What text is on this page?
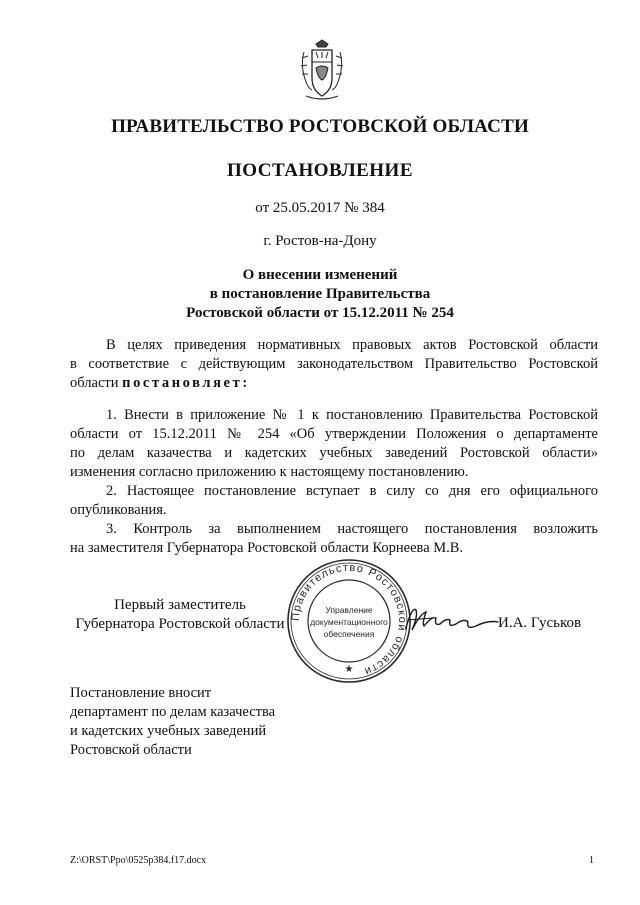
ПРАВИТЕЛЬСТВО РОСТОВСКОЙ ОБЛАСТИ
ПОСТАНОВЛЕНИЕ
от 25.05.2017 № 384
г. Ростов-на-Дону
О внесении изменений
в постановление Правительства
Ростовской области от 15.12.2011 № 254
В целях приведения нормативных правовых актов Ростовской области
в соответствие с действующим законодательством Правительство Ростовской
области постановляет:
1. Внести в приложение № 1 к постановлению Правительства Ростовской
области от 15.12.2011 № 254 «Об утверждении Положения о департаменте
по делам казачества и кадетских учебных заведений Ростовской области»
изменения согласно приложению к настоящему постановлению.
2. Настоящее постановление вступает в силу со дня его официального
опубликования.
3. Контроль за выполнением настоящего постановления возложить
на заместителя Губернатора Ростовской области Корнеева М.В.
Первый заместитель
Губернатора Ростовской области Правительство Ростовской области
Управление
документационного
обеспечения
★
И.А. Гуськов
Постановление вносит
департамент по делам казачества
и кадетских учебных заведений
Ростовской области
Z:\ORST\Ppo\0525p384.f17.docx	1
